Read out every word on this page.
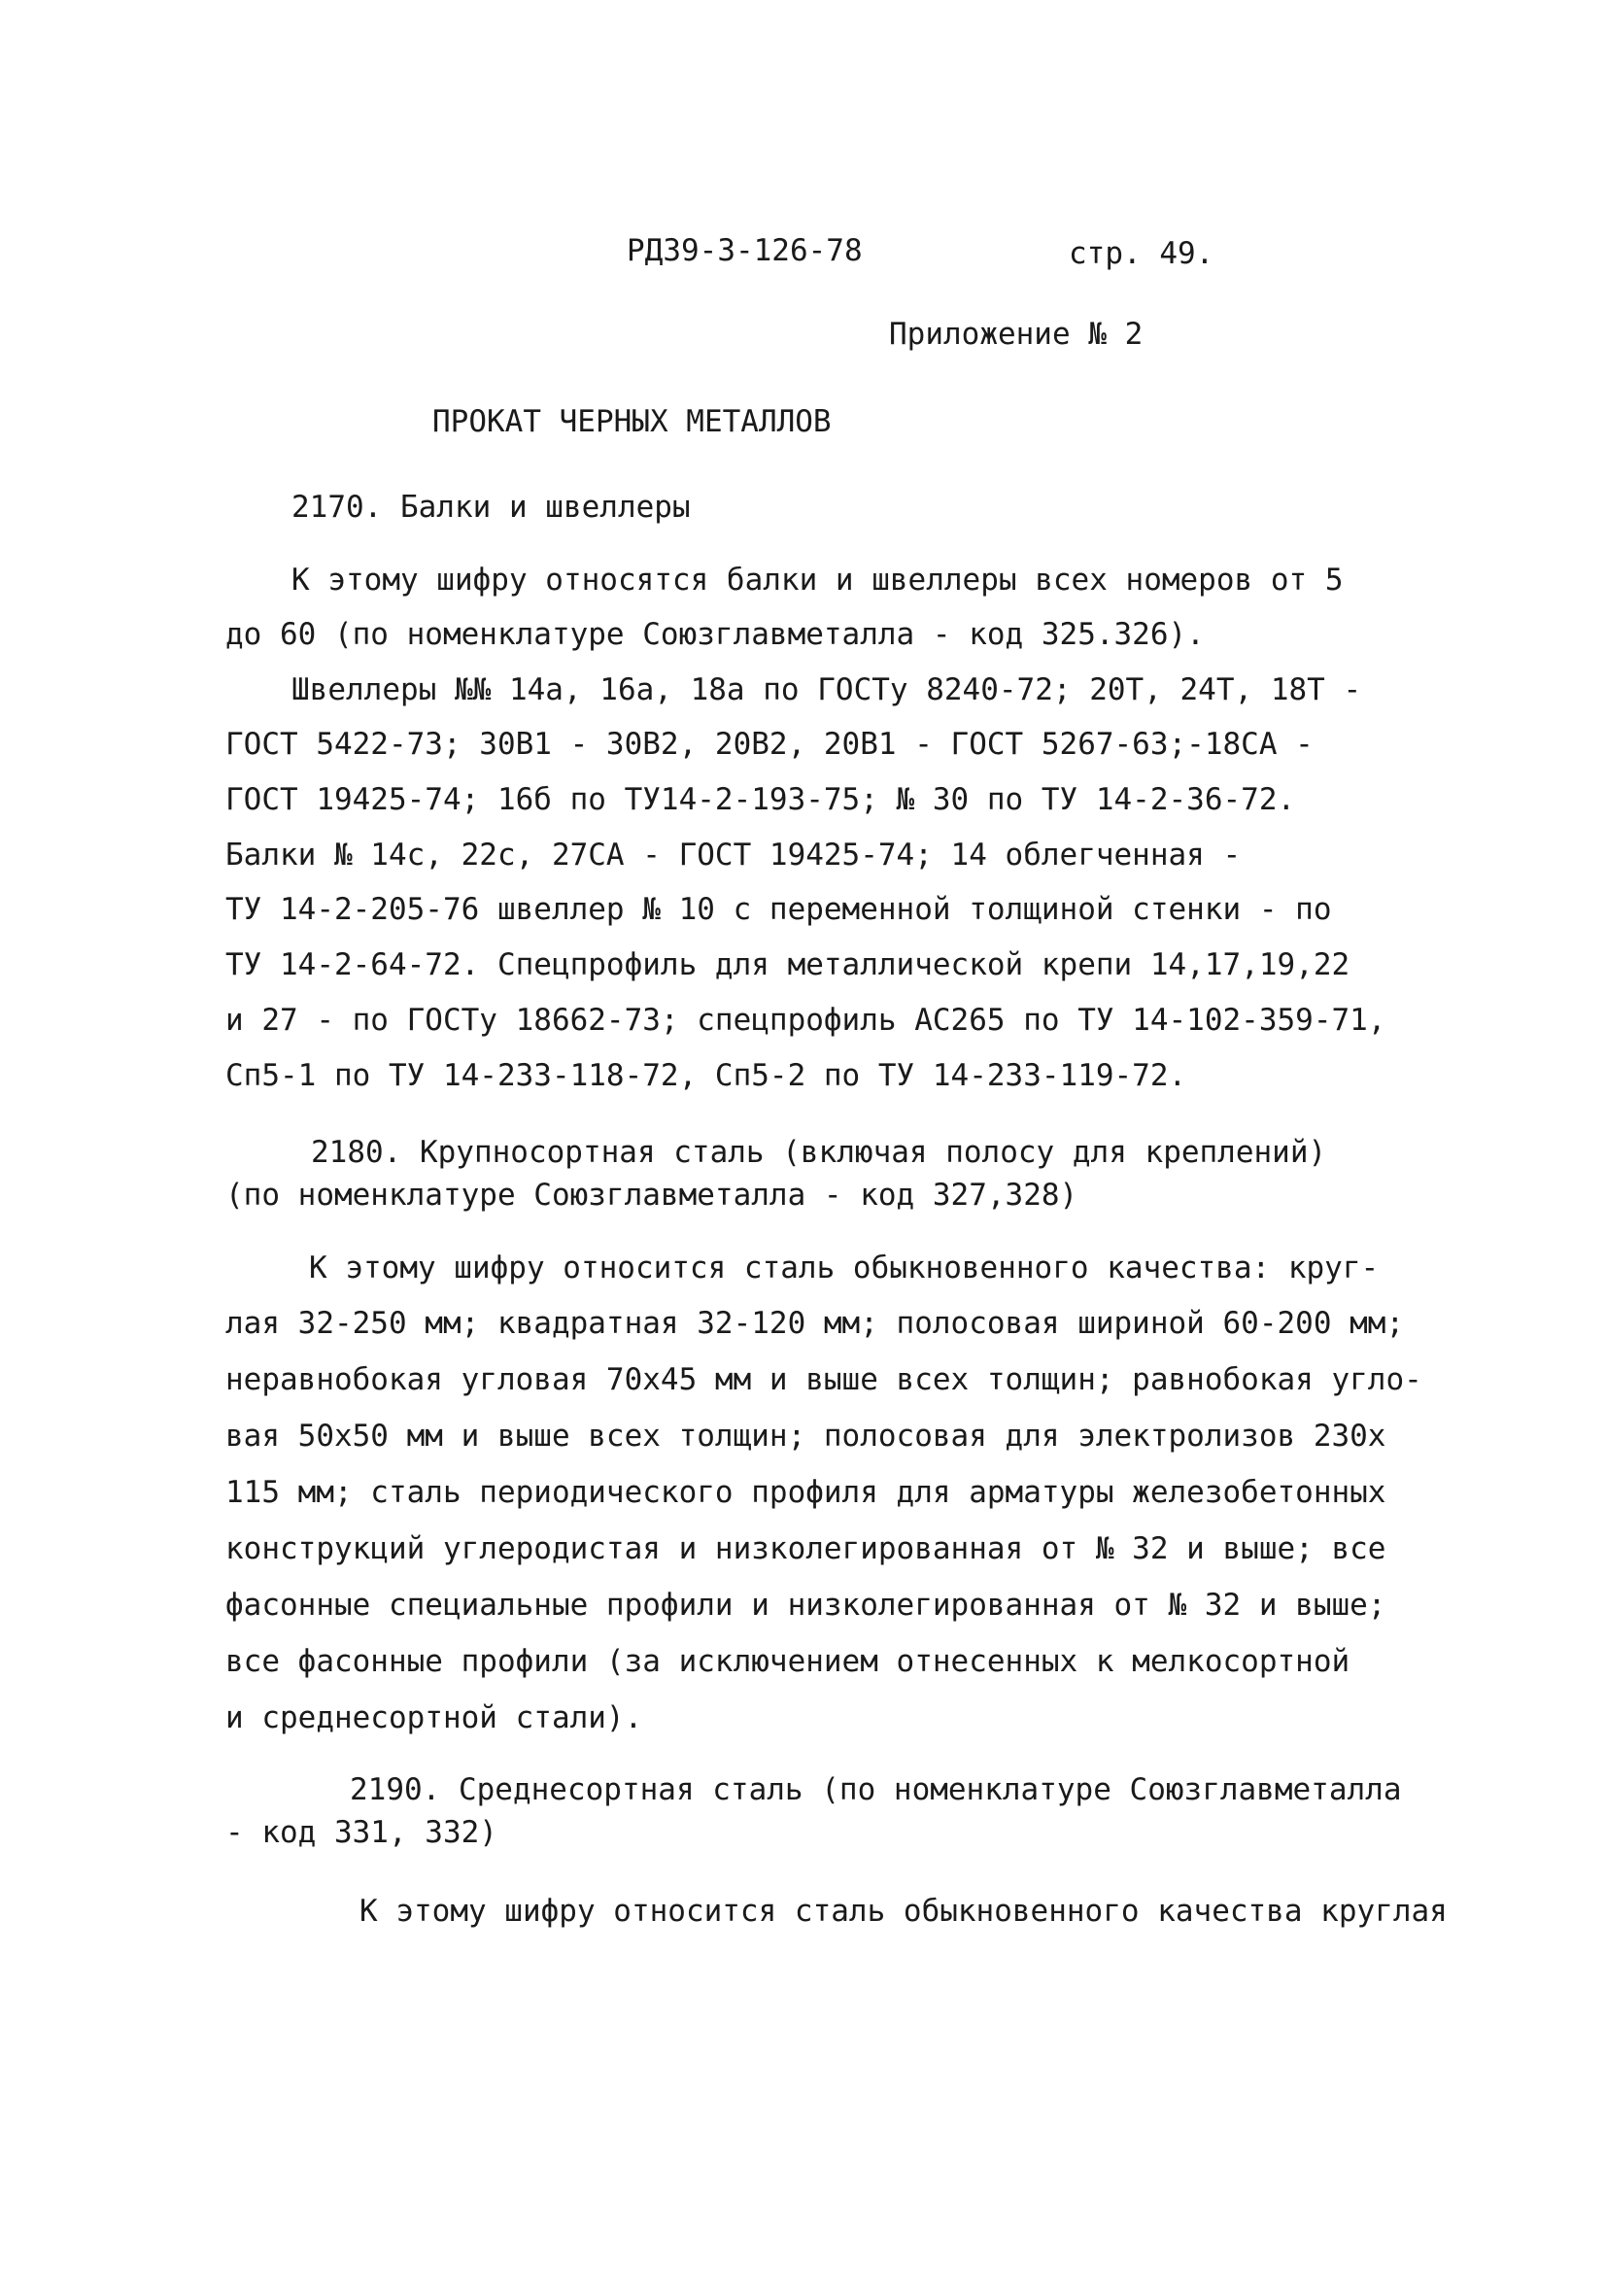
РД39-3-126-78	стр. 49.
Приложение № 2
ПРОКАТ ЧЕРНЫХ МЕТАЛЛОВ
2170. Балки и швеллеры
К этому шифру относятся балки и швеллеры всех номеров от 5
до 60 (по номенклатуре Союзглавметалла - код 325.326).
Швеллеры №№ 14а, 16а, 18а по ГОСТу 8240-72; 20Т, 24Т, 18Т -
ГОСТ 5422-73; 30В1 - 30В2, 20В2, 20В1 - ГОСТ 5267-63;-18СА -
ГОСТ 19425-74; 16б по ТУ14-2-193-75; № 30 по ТУ 14-2-36-72.
Балки № 14с, 22с, 27СА - ГОСТ 19425-74; 14 облегченная -
ТУ 14-2-205-76 швеллер № 10 с переменной толщиной стенки - по
ТУ 14-2-64-72. Спецпрофиль для металлической крепи 14,17,19,22
и 27 - по ГОСТу 18662-73; спецпрофиль АС265 по ТУ 14-102-359-71,
Сп5-1 по ТУ 14-233-118-72, Сп5-2 по ТУ 14-233-119-72.
2180. Крупносортная сталь (включая полосу для креплений)
(по номенклатуре Союзглавметалла - код 327,328)
К этому шифру относится сталь обыкновенного качества: круг-
лая 32-250 мм; квадратная 32-120 мм; полосовая шириной 60-200 мм;
неравнобокая угловая 70х45 мм и выше всех толщин; равнобокая угло-
вая 50х50 мм и выше всех толщин; полосовая для электролизов 230х
115 мм; сталь периодического профиля для арматуры железобетонных
конструкций углеродистая и низколегированная от № 32 и выше; все
фасонные специальные профили и низколегированная от № 32 и выше;
все фасонные профили (за исключением отнесенных к мелкосортной
и среднесортной стали).
2190. Среднесортная сталь (по номенклатуре Союзглавметалла
- код 331, 332)
К этому шифру относится сталь обыкновенного качества круглая
